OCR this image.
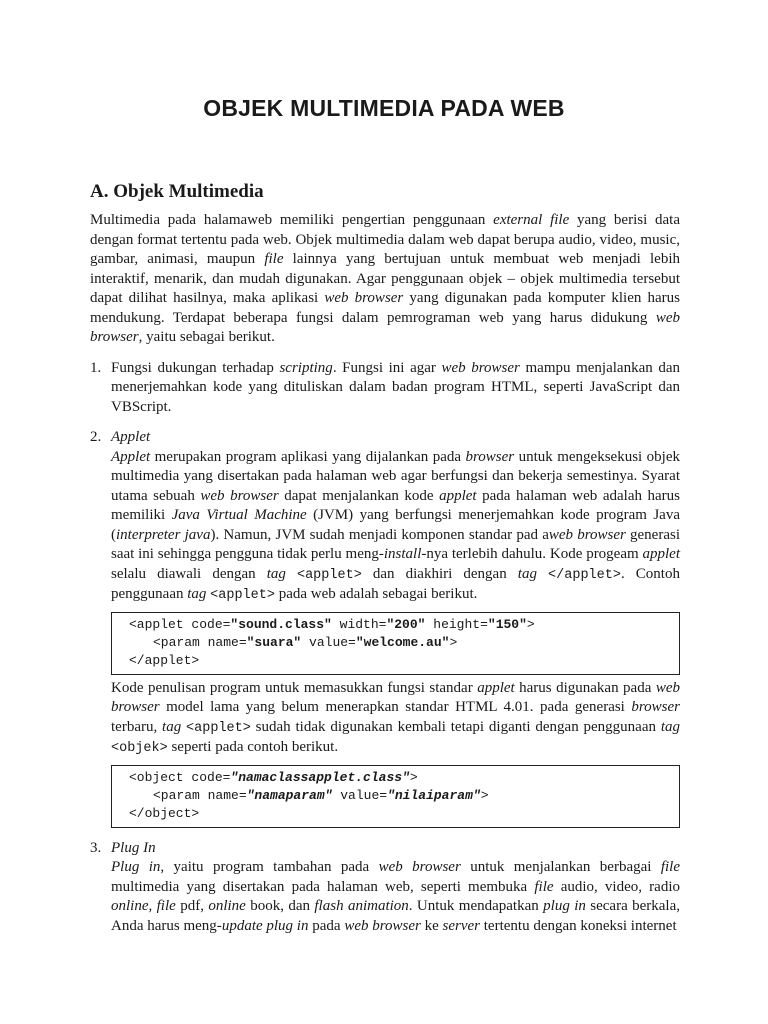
OBJEK MULTIMEDIA PADA WEB
A. Objek Multimedia

Multimedia pada halamaweb memiliki pengertian penggunaan external file yang berisi data dengan format tertentu pada web. Objek multimedia dalam web dapat berupa audio, video, music, gambar, animasi, maupun file lainnya yang bertujuan untuk membuat web menjadi lebih interaktif, menarik, dan mudah digunakan. Agar penggunaan objek – objek multimedia tersebut dapat dilihat hasilnya, maka aplikasi web browser yang digunakan pada komputer klien harus mendukung. Terdapat beberapa fungsi dalam pemrograman web yang harus didukung web browser, yaitu sebagai berikut.

1. Fungsi dukungan terhadap scripting. Fungsi ini agar web browser mampu menjalankan dan menerjemahkan kode yang dituliskan dalam badan program HTML, seperti JavaScript dan VBScript.

2. Applet

Applet merupakan program aplikasi yang dijalankan pada browser untuk mengeksekusi objek multimedia yang disertakan pada halaman web agar berfungsi dan bekerja semestinya. Syarat utama sebuah web browser dapat menjalankan kode applet pada halaman web adalah harus memiliki Java Virtual Machine (JVM) yang berfungsi menerjemahkan kode program Java (interpreter java). Namun, JVM sudah menjadi komponen standar pad aweb browser generasi saat ini sehingga pengguna tidak perlu meng-install-nya terlebih dahulu. Kode progeam applet selalu diawali dengan tag <applet> dan diakhiri dengan tag </applet>. Contoh penggunaan tag <applet> pada web adalah sebagai berikut.

<applet code="sound.class" width="200" height="150">
<param name="suara" value="welcome.au">
</applet>

Kode penulisan program untuk memasukkan fungsi standar applet harus digunakan pada web browser model lama yang belum menerapkan standar HTML 4.01. pada generasi browser terbaru, tag <applet> sudah tidak digunakan kembali tetapi diganti dengan penggunaan tag <objek> seperti pada contoh berikut.

<object code="namaclassapplet.class">
<param name="namaparam" value="nilaiparam">
</object>
3. Plug In

Plug in, yaitu program tambahan pada web browser untuk menjalankan berbagai file multimedia yang disertakan pada halaman web, seperti membuka file audio, video, radio online, file pdf, online book, dan flash animation. Untuk mendapatkan plug in secara berkala, Anda harus meng-update plug in pada web browser ke server tertentu dengan koneksi internet
